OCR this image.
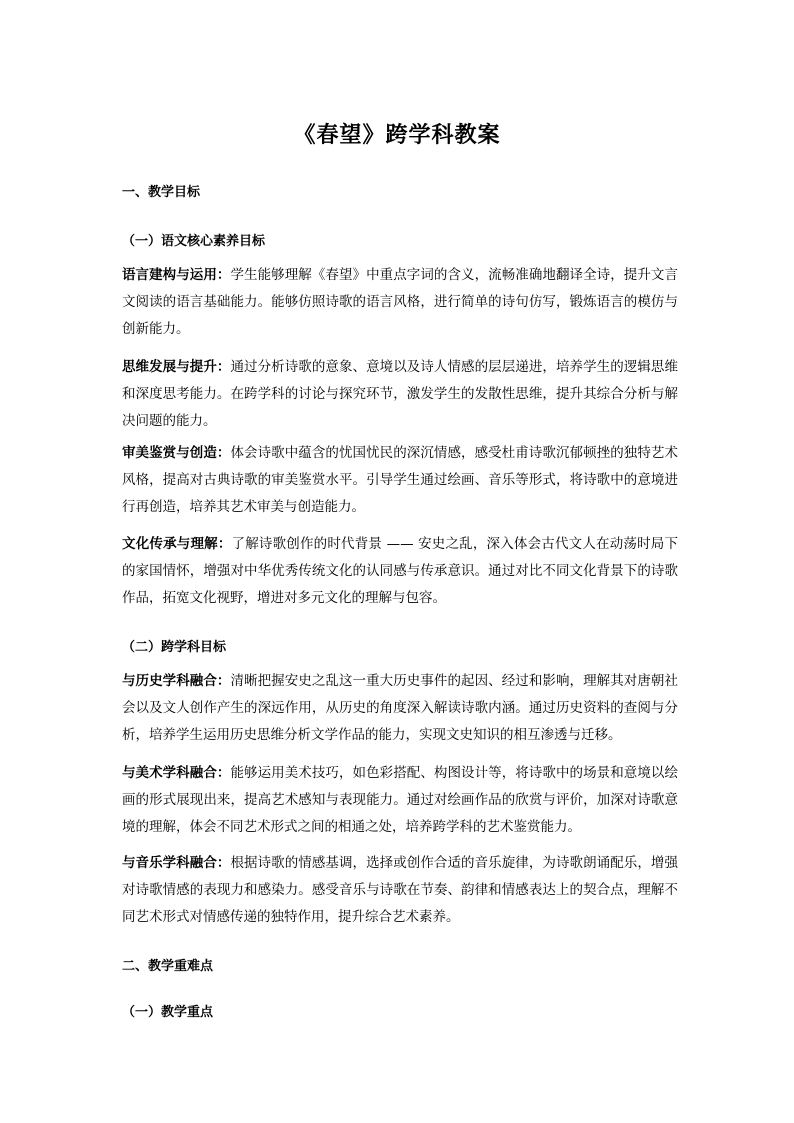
《春望》跨学科教案
一、教学目标
（一）语文核心素养目标
语言建构与运用：学生能够理解《春望》中重点字词的含义，流畅准确地翻译全诗，提升文言文阅读的语言基础能力。能够仿照诗歌的语言风格，进行简单的诗句仿写，锻炼语言的模仿与创新能力。
思维发展与提升：通过分析诗歌的意象、意境以及诗人情感的层层递进，培养学生的逻辑思维和深度思考能力。在跨学科的讨论与探究环节，激发学生的发散性思维，提升其综合分析与解决问题的能力。
审美鉴赏与创造：体会诗歌中蕴含的忧国忧民的深沉情感，感受杜甫诗歌沉郁顿挫的独特艺术风格，提高对古典诗歌的审美鉴赏水平。引导学生通过绘画、音乐等形式，将诗歌中的意境进行再创造，培养其艺术审美与创造能力。
文化传承与理解：了解诗歌创作的时代背景 —— 安史之乱，深入体会古代文人在动荡时局下的家国情怀，增强对中华优秀传统文化的认同感与传承意识。通过对比不同文化背景下的诗歌作品，拓宽文化视野，增进对多元文化的理解与包容。
（二）跨学科目标
与历史学科融合：清晰把握安史之乱这一重大历史事件的起因、经过和影响，理解其对唐朝社会以及文人创作产生的深远作用，从历史的角度深入解读诗歌内涵。通过历史资料的查阅与分析，培养学生运用历史思维分析文学作品的能力，实现文史知识的相互渗透与迁移。
与美术学科融合：能够运用美术技巧，如色彩搭配、构图设计等，将诗歌中的场景和意境以绘画的形式展现出来，提高艺术感知与表现能力。通过对绘画作品的欣赏与评价，加深对诗歌意境的理解，体会不同艺术形式之间的相通之处，培养跨学科的艺术鉴赏能力。
与音乐学科融合：根据诗歌的情感基调，选择或创作合适的音乐旋律，为诗歌朗诵配乐，增强对诗歌情感的表现力和感染力。感受音乐与诗歌在节奏、韵律和情感表达上的契合点，理解不同艺术形式对情感传递的独特作用，提升综合艺术素养。
二、教学重难点
（一）教学重点
